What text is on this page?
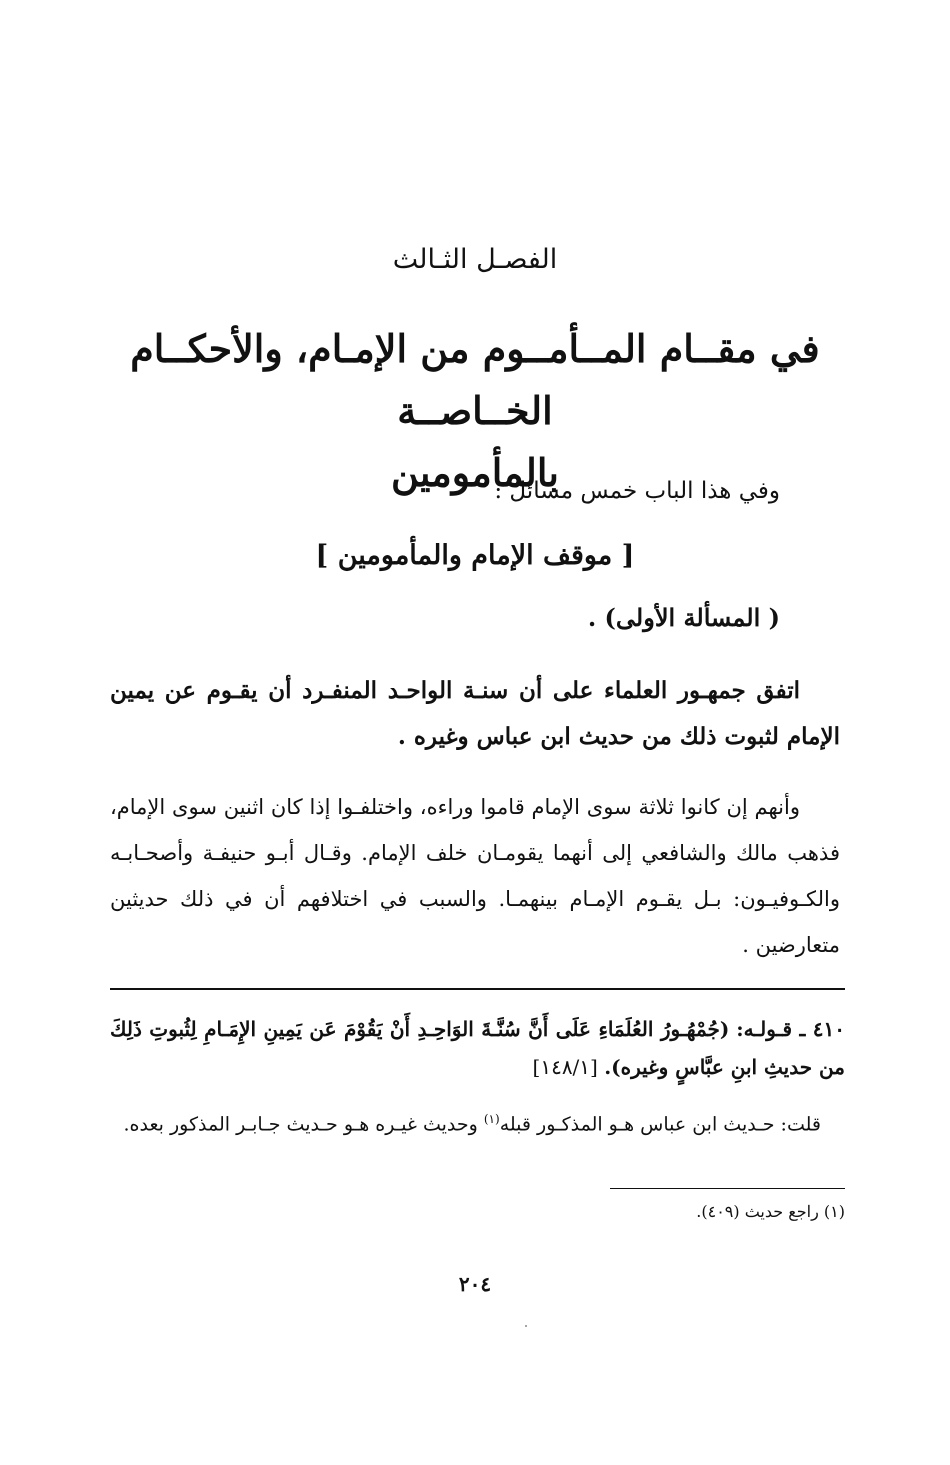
الفصـل الثـالث
في مقــام المــأمــوم من الإمـام، والأحكــام الخــاصــة
بالمأمومين
وفي هذا الباب خمس مسائل :
[ موقف الإمام والمأمومين ]
( المسألة الأولى) .

اتفق جمهـور العلماء على أن سنـة الواحـد المنفـرد أن يقـوم عن يمين الإمام لثبوت ذلك من حديث ابن عباس وغيره .

وأنهم إن كانوا ثلاثة سوى الإمام قاموا وراءه، واختلفـوا إذا كان اثنين سوى الإمام، فذهب مالك والشافعي إلى أنهما يقومـان خلف الإمام. وقـال أبـو حنيفـة وأصحـابـه والكـوفيـون: بـل يقـوم الإمـام بينهمـا. والسبب في اختلافهم أن في ذلك حديثين متعارضين .

٤١٠ ـ قـولـه: (جُمْهُـورُ العُلَمَاءِ عَلَى أَنَّ سُنَّـةَ الوَاحِـدِ أَنْ يَقُوْمَ عَن يَمِينِ الإِمَـامِ لِثُبوتِ ذَلِكَ من حديثِ ابنِ عبَّاسٍ وغيره). [١٤٨/١]

قلت: حـديث ابن عباس هـو المذكـور قبله$^{(١)}$ وحديث غيـره هـو حـديث جـابـر المذكور بعده.

(١) راجع حديث (٤٠٩).
٢٠٤
